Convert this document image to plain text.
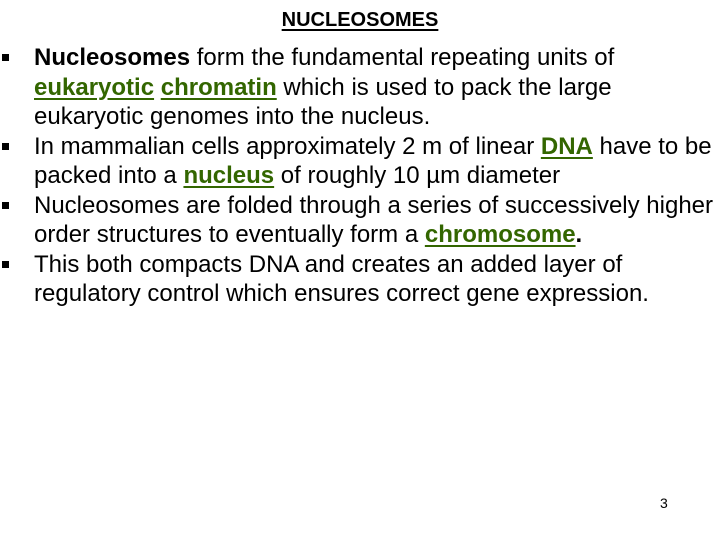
NUCLEOSOMES
Nucleosomes form the fundamental repeating units of eukaryotic chromatin which is used to pack the large eukaryotic genomes into the nucleus.
In mammalian cells approximately 2 m of linear DNA have to be packed into a nucleus of roughly 10 µm diameter
Nucleosomes are folded through a series of successively higher order structures to eventually form a chromosome.
This both compacts DNA and creates an added layer of regulatory control which ensures correct gene expression.
3
